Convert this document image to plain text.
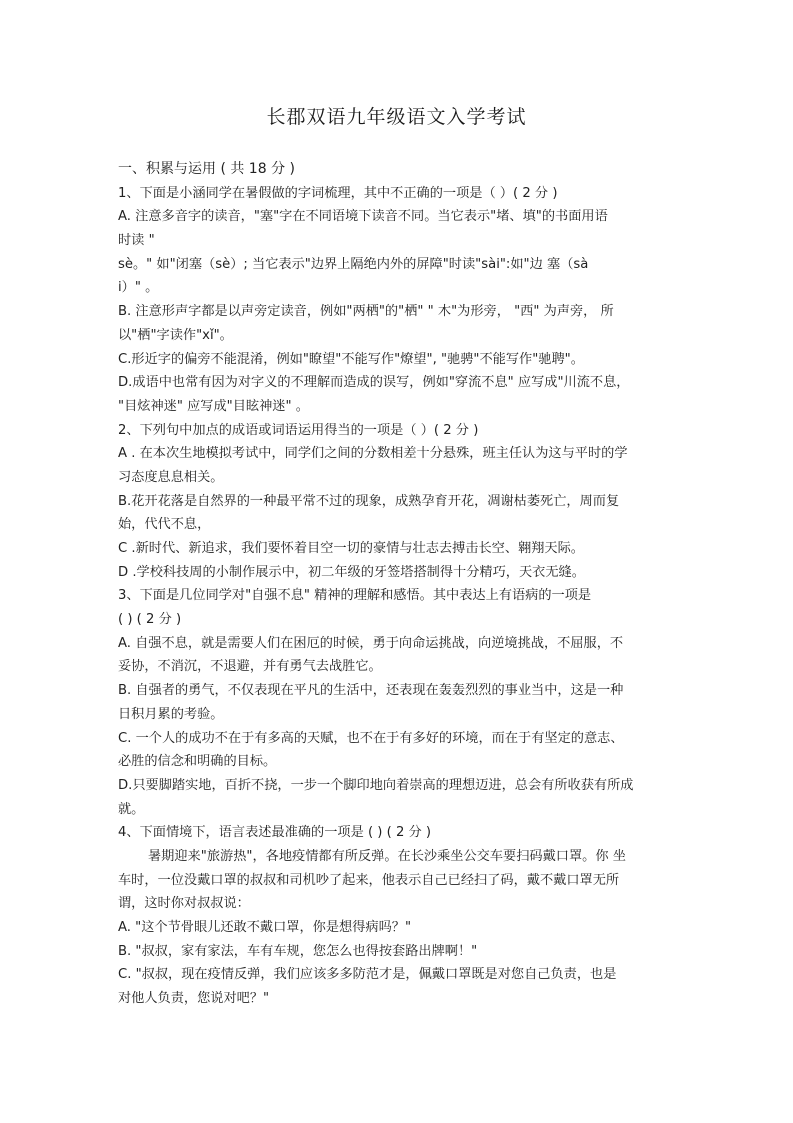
长郡双语九年级语文入学考试
一、积累与运用 ( 共 18 分 )
1、下面是小涵同学在暑假做的字词梳理，其中不正确的一项是（ ）( 2 分 )
A. 注意多音字的读音，"塞"字在不同语境下读音不同。当它表示"堵、填"的书面用语
时读 "
sè。" 如"闭塞（sè）; 当它表示"边界上隔绝内外的屏障"时读"sài":如"边 塞（sà
i）" 。
B. 注意形声字都是以声旁定读音，例如"两栖"的"栖" " 木"为形旁， "西" 为声旁， 所
以"栖"字读作"xǐ"。
C.形近字的偏旁不能混淆，例如"瞭望"不能写作"燎望", "驰骋"不能写作"驰聘"。
D.成语中也常有因为对字义的不理解而造成的误写，例如"穿流不息" 应写成"川流不息，
"目炫神迷" 应写成"目眩神迷" 。
2、下列句中加点的成语或词语运用得当的一项是（ ）( 2 分 )
A . 在本次生地模拟考试中，同学们之间的分数相差十分悬殊，班主任认为这与平时的学
习态度息息相关。
B.花开花落是自然界的一种最平常不过的现象，成熟孕育开花，凋谢枯萎死亡，周而复
始，代代不息，
C .新时代、新追求，我们要怀着目空一切的豪情与壮志去搏击长空、翱翔天际。
D .学校科技周的小制作展示中，初二年级的牙签塔搭制得十分精巧，天衣无缝。
3、下面是几位同学对"自强不息" 精神的理解和感悟。其中表达上有语病的一项是
( ) ( 2 分 )
A. 自强不息，就是需要人们在困厄的时候，勇于向命运挑战，向逆境挑战，不屈服，不
妥协，不消沉，不退避，并有勇气去战胜它。
B. 自强者的勇气，不仅表现在平凡的生活中，还表现在轰轰烈烈的事业当中，这是一种
日积月累的考验。
C. 一个人的成功不在于有多高的天赋，也不在于有多好的环境，而在于有坚定的意志、
必胜的信念和明确的目标。
D.只要脚踏实地，百折不挠，一步一个脚印地向着崇高的理想迈进，总会有所收获有所成
就。
4、下面情境下，语言表述最准确的一项是 ( ) ( 2 分 )
暑期迎来"旅游热"，各地疫情都有所反弹。在长沙乘坐公交车要扫码戴口罩。你 坐
车时，一位没戴口罩的叔叔和司机吵了起来，他表示自己已经扫了码，戴不戴口罩无所
谓，这时你对叔叔说：
A. "这个节骨眼儿还敢不戴口罩，你是想得病吗？"
B. "叔叔，家有家法，车有车规，您怎么也得按套路出牌啊！"
C. "叔叔，现在疫情反弹，我们应该多多防范才是，佩戴口罩既是对您自己负责，也是
对他人负责，您说对吧？"
